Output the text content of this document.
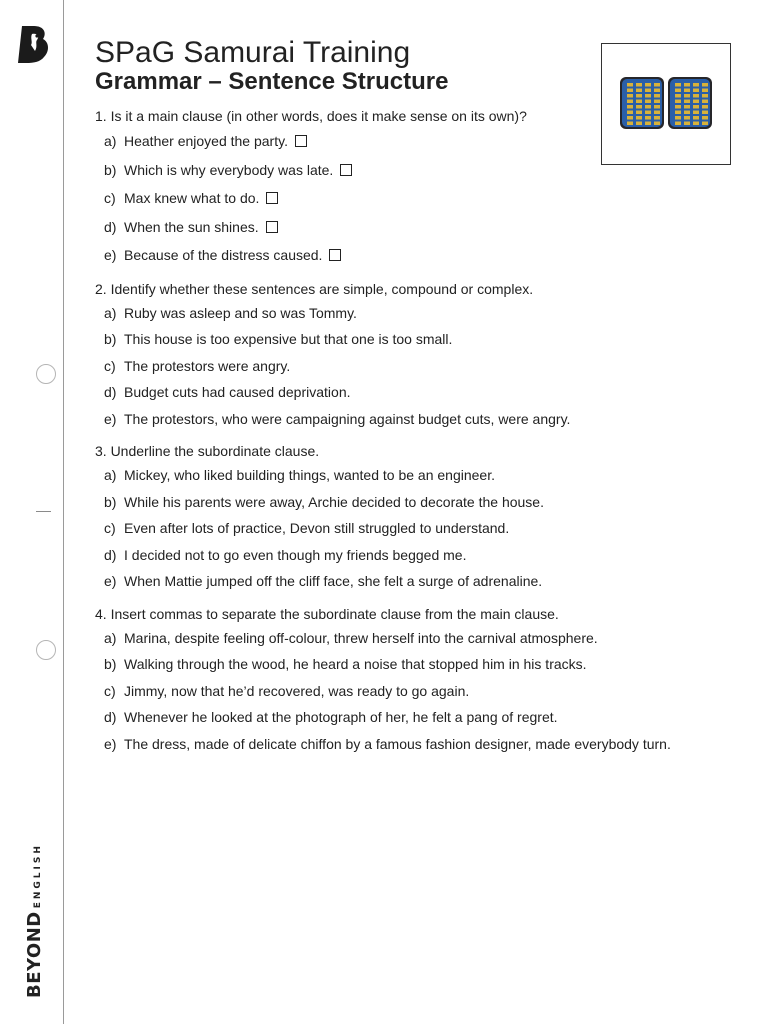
BEYONDENGLISH
SPaG Samurai Training
Grammar – Sentence Structure

1. Is it a main clause (in other words, does it make sense on its own)?

a) Heather enjoyed the party.
b) Which is why everybody was late.
c) Max knew what to do.
d) When the sun shines.
e) Because of the distress caused.

2. Identify whether these sentences are simple, compound or complex.

a) Ruby was asleep and so was Tommy.
b) This house is too expensive but that one is too small.
c) The protestors were angry.
d) Budget cuts had caused deprivation.
e) The protestors, who were campaigning against budget cuts, were angry.

3. Underline the subordinate clause.

a) Mickey, who liked building things, wanted to be an engineer.
b) While his parents were away, Archie decided to decorate the house.
c) Even after lots of practice, Devon still struggled to understand.
d) I decided not to go even though my friends begged me.
e) When Mattie jumped off the cliff face, she felt a surge of adrenaline.

4. Insert commas to separate the subordinate clause from the main clause.

a) Marina, despite feeling off-colour, threw herself into the carnival atmosphere.
b) Walking through the wood, he heard a noise that stopped him in his tracks.
c) Jimmy, now that he’d recovered, was ready to go again.
d) Whenever he looked at the photograph of her, he felt a pang of regret.
e) The dress, made of delicate chiffon by a famous fashion designer, made everybody turn.
